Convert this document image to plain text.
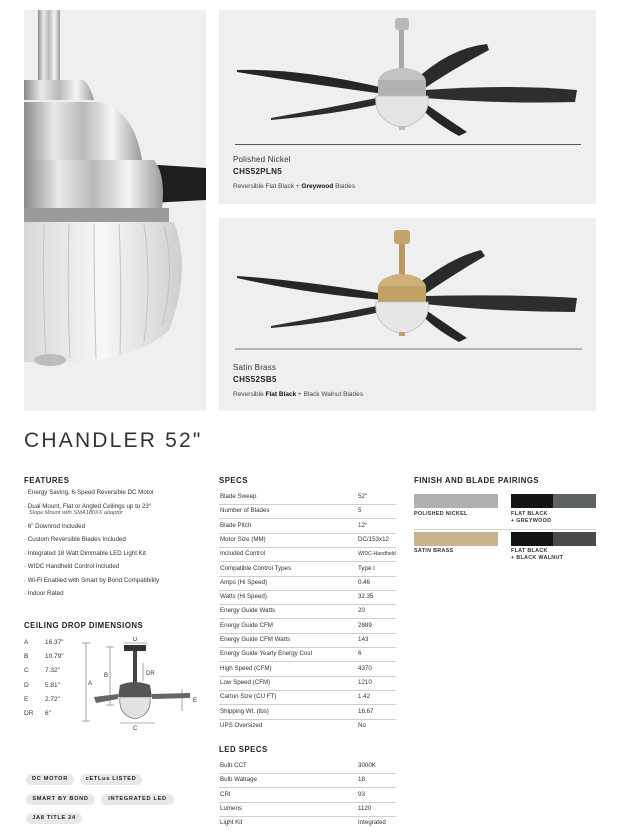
Polished Nickel
CHS52PLN5
Reversible Flat Black + Greywood Blades
Satin Brass
CHS52SB5
Reversible Flat Black + Black Walnut Blades
CHANDLER 52"
FEATURES
· Energy Saving, 6-Speed Reversible DC Motor
· Dual Mount, Flat or Angled Ceilings up to 23°
Slope Mount with SMA180XX adaptor
· 6" Downrod Included
· Custom Reversible Blades Included
· Integrated 18 Watt Dimmable LED Light Kit
· WIDC Handheld Control Included
· Wi-Fi Enabled with Smart by Bond Compatibility
· Indoor Rated
CEILING DROP DIMENSIONS
A	16.37"
B	10.79"
C	7.32"
D	5.81"
E	2.72"
DR 6"
A
B
C
D
E
DR
SPECS
Blade Sweep	52"
Number of Blades	5
Blade Pitch	12°
Motor Size (MM)	DC/153x12
Included Control	WIDC-Handheld
Compatible Control Types	Type I
Amps (Hi Speed)	0.46
Watts (Hi Speed)	32.35
Energy Guide Watts	20
Energy Guide CFM	2889
Energy Guide CFM Watts	143
Energy Guide Yearly Energy Cost	6
High Speed (CFM)	4370
Low Speed (CFM)	1210
Carton Size (CU FT)	1.42
Shipping Wt. (lbs)	16.67
UPS Oversized	No
LED SPECS
Bulb CCT	3000K
Bulb Wattage	18
CRI	93
Lumens	1120
Light Kit	Integrated
FINISH AND BLADE PAIRINGS
POLISHED NICKEL	FLAT BLACK
+ GREYWOOD
SATIN BRASS	FLAT BLACK
+ BLACK WALNUT
DC MOTOR	cETLus LISTED
SMART BY BOND	INTEGRATED LED
JA8 TITLE 24
